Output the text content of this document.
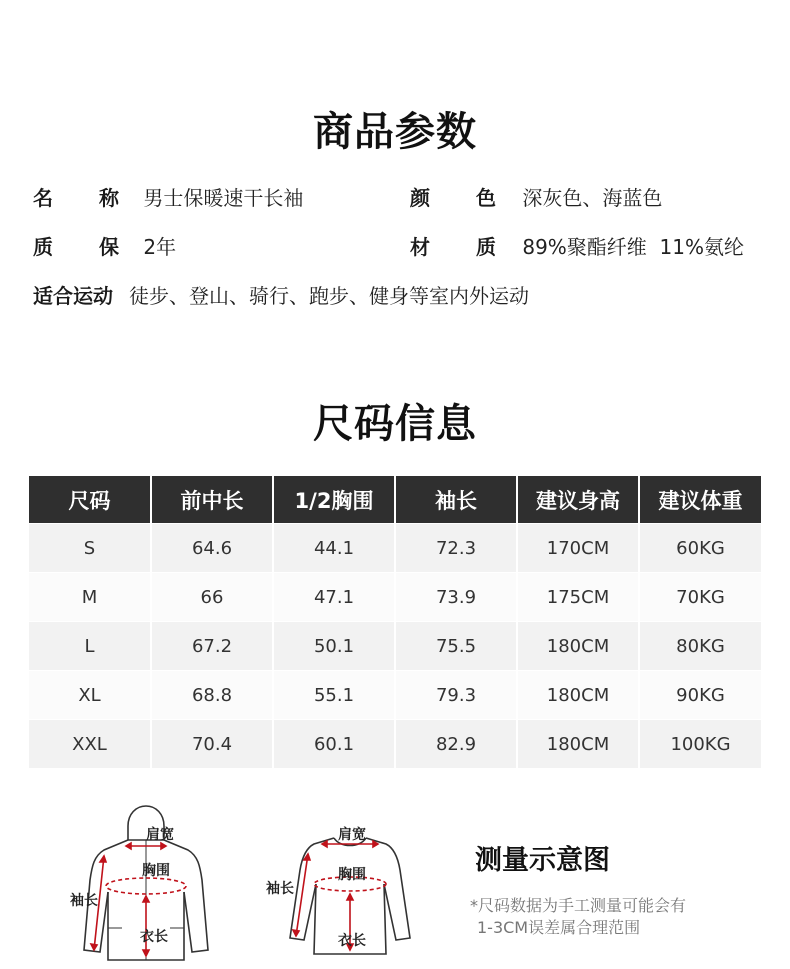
商品参数
名 称 男士保暖速干长袖	颜 色 深灰色、海蓝色
质 保 2年	材 质 89%聚酯纤维  11%氨纶
适合运动 徒步、登山、骑行、跑步、健身等室内外运动
尺码信息
尺码	前中长	1/2胸围	袖长	建议身高	建议体重
S	64.6	44.1	72.3	170CM	60KG
M	66	47.1	73.9	175CM	70KG
L	67.2	50.1	75.5	180CM	80KG
XL	68.8	55.1	79.3	180CM	90KG
XXL	70.4	60.1	82.9	180CM	100KG
肩宽
胸围
袖长
衣长
肩宽
胸围
袖长
衣长
测量示意图
*尺码数据为手工测量可能会有
1-3CM误差属合理范围
